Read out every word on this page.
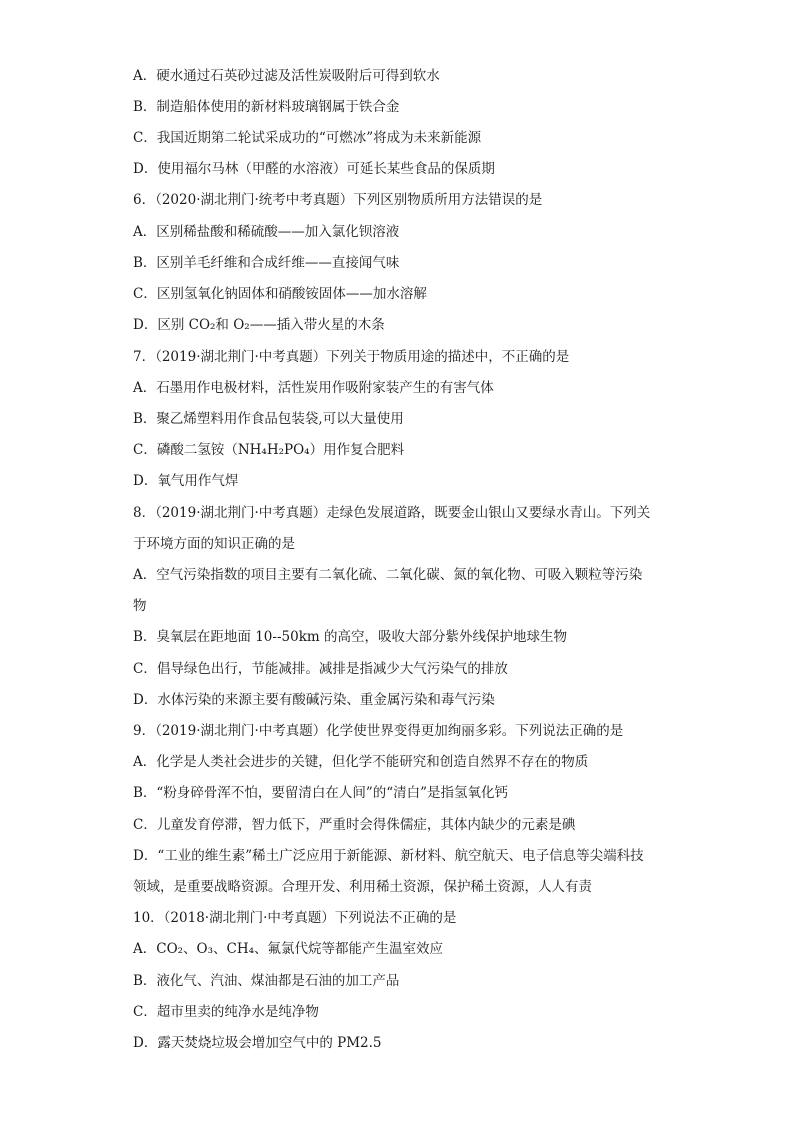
A．硬水通过石英砂过滤及活性炭吸附后可得到软水
B．制造船体使用的新材料玻璃钢属于铁合金
C．我国近期第二轮试采成功的“可燃冰”将成为未来新能源
D．使用福尔马林（甲醛的水溶液）可延长某些食品的保质期
6．（2020·湖北荆门·统考中考真题）下列区别物质所用方法错误的是
A．区别稀盐酸和稀硫酸——加入氯化钡溶液
B．区别羊毛纤维和合成纤维——直接闻气味
C．区别氢氧化钠固体和硝酸铵固体——加水溶解
D．区别 CO₂和 O₂——插入带火星的木条
7．（2019·湖北荆门·中考真题）下列关于物质用途的描述中，不正确的是
A．石墨用作电极材料，活性炭用作吸附家装产生的有害气体
B．聚乙烯塑料用作食品包装袋,可以大量使用
C．磷酸二氢铵（NH₄H₂PO₄）用作复合肥料
D．氧气用作气焊
8．（2019·湖北荆门·中考真题）走绿色发展道路，既要金山银山又要绿水青山。下列关
于环境方面的知识正确的是
A．空气污染指数的项目主要有二氧化硫、二氧化碳、氮的氧化物、可吸入颗粒等污染
物
B．臭氧层在距地面 10--50km 的高空，吸收大部分紫外线保护地球生物
C．倡导绿色出行，节能减排。减排是指减少大气污染气的排放
D．水体污染的来源主要有酸碱污染、重金属污染和毒气污染
9．（2019·湖北荆门·中考真题）化学使世界变得更加绚丽多彩。下列说法正确的是
A．化学是人类社会进步的关键，但化学不能研究和创造自然界不存在的物质
B．“粉身碎骨浑不怕，要留清白在人间”的“清白”是指氢氧化钙
C．儿童发育停滞，智力低下，严重时会得侏儒症，其体内缺少的元素是碘
D．“工业的维生素”稀土广泛应用于新能源、新材料、航空航天、电子信息等尖端科技
领域，是重要战略资源。合理开发、利用稀土资源，保护稀土资源，人人有责
10．（2018·湖北荆门·中考真题）下列说法不正确的是
A．CO₂、O₃、CH₄、氟氯代烷等都能产生温室效应
B．液化气、汽油、煤油都是石油的加工产品
C．超市里卖的纯净水是纯净物
D．露天焚烧垃圾会增加空气中的 PM2.5
